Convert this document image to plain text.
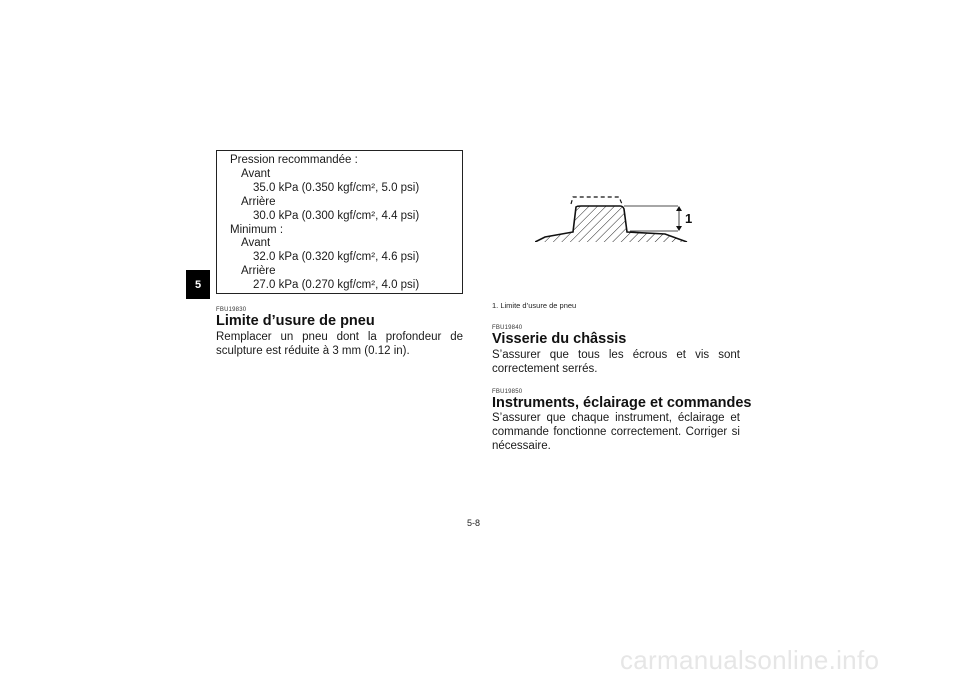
5
Pression recommandée :
Avant
35.0 kPa (0.350 kgf/cm², 5.0 psi)
Arrière
30.0 kPa (0.300 kgf/cm², 4.4 psi)
Minimum :
Avant
32.0 kPa (0.320 kgf/cm², 4.6 psi)
Arrière
27.0 kPa (0.270 kgf/cm², 4.0 psi)
FBU19830
Limite d’usure de pneu
Remplacer un pneu dont la profondeur de sculpture est réduite à 3 mm (0.12 in).
1
1. Limite d’usure de pneu
FBU19840
Visserie du châssis
S’assurer que tous les écrous et vis sont correctement serrés.
FBU19850
Instruments, éclairage et commandes
S’assurer que chaque instrument, éclairage et commande fonctionne correctement. Corriger si nécessaire.
5-8
carmanualsonline.info
